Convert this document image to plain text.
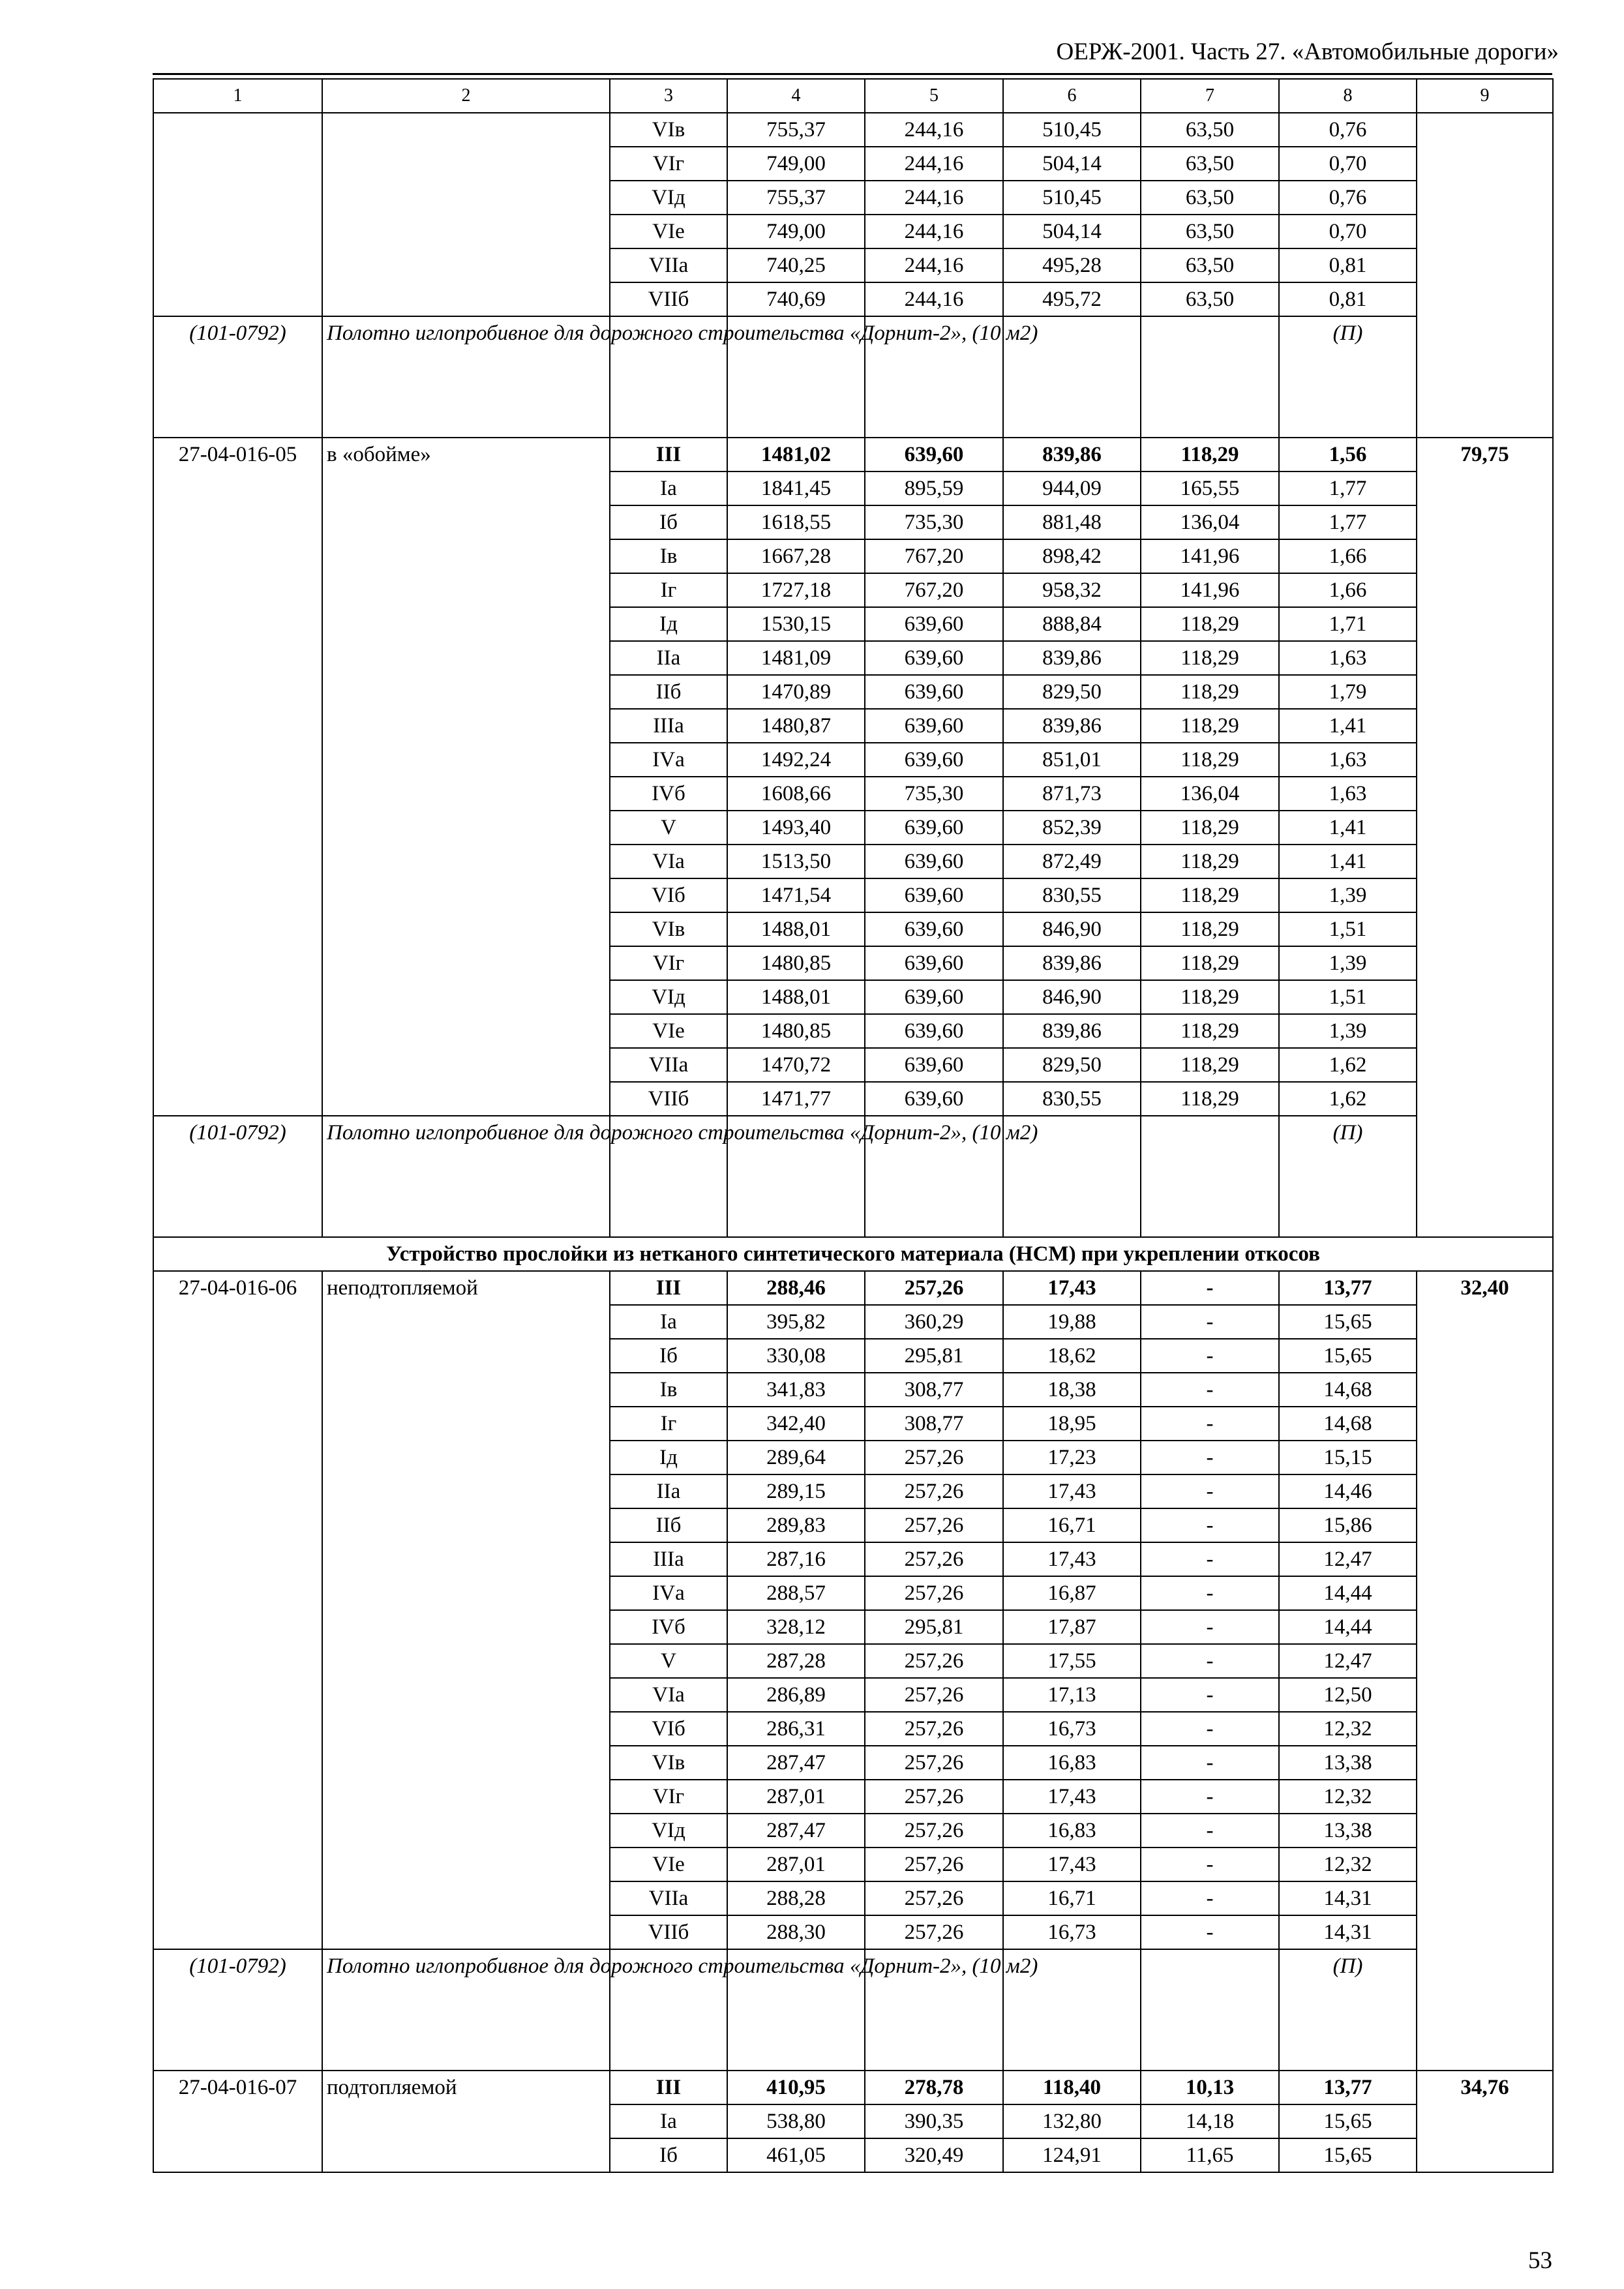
ОЕРЖ-2001. Часть 27. «Автомобильные дороги»
1	2	3	4	5	6	7	8	9
		VIв	755,37	244,16	510,45	63,50	0,76	
		VIг	749,00	244,16	504,14	63,50	0,70	
		VIд	755,37	244,16	510,45	63,50	0,76	
		VIе	749,00	244,16	504,14	63,50	0,70	
		VIIа	740,25	244,16	495,28	63,50	0,81	
		VIIб	740,69	244,16	495,72	63,50	0,81	
(101-0792)	Полотно иглопробивное для дорожного строительства «Дорнит-2», (10 м2)						(П)	
27-04-016-05	в «обойме»	III	1481,02	639,60	839,86	118,29	1,56	79,75
		Iа	1841,45	895,59	944,09	165,55	1,77	
		Iб	1618,55	735,30	881,48	136,04	1,77	
		Iв	1667,28	767,20	898,42	141,96	1,66	
		Iг	1727,18	767,20	958,32	141,96	1,66	
		Iд	1530,15	639,60	888,84	118,29	1,71	
		IIа	1481,09	639,60	839,86	118,29	1,63	
		IIб	1470,89	639,60	829,50	118,29	1,79	
		IIIа	1480,87	639,60	839,86	118,29	1,41	
		IVа	1492,24	639,60	851,01	118,29	1,63	
		IVб	1608,66	735,30	871,73	136,04	1,63	
		V	1493,40	639,60	852,39	118,29	1,41	
		VIа	1513,50	639,60	872,49	118,29	1,41	
		VIб	1471,54	639,60	830,55	118,29	1,39	
		VIв	1488,01	639,60	846,90	118,29	1,51	
		VIг	1480,85	639,60	839,86	118,29	1,39	
		VIд	1488,01	639,60	846,90	118,29	1,51	
		VIе	1480,85	639,60	839,86	118,29	1,39	
		VIIа	1470,72	639,60	829,50	118,29	1,62	
		VIIб	1471,77	639,60	830,55	118,29	1,62	
(101-0792)	Полотно иглопробивное для дорожного строительства «Дорнит-2», (10 м2)						(П)	
Устройство прослойки из нетканого синтетического материала (НСМ) при укреплении откосов								
27-04-016-06	неподтопляемой	III	288,46	257,26	17,43	-	13,77	32,40
		Iа	395,82	360,29	19,88	-	15,65	
		Iб	330,08	295,81	18,62	-	15,65	
		Iв	341,83	308,77	18,38	-	14,68	
		Iг	342,40	308,77	18,95	-	14,68	
		Iд	289,64	257,26	17,23	-	15,15	
		IIа	289,15	257,26	17,43	-	14,46	
		IIб	289,83	257,26	16,71	-	15,86	
		IIIа	287,16	257,26	17,43	-	12,47	
		IVа	288,57	257,26	16,87	-	14,44	
		IVб	328,12	295,81	17,87	-	14,44	
		V	287,28	257,26	17,55	-	12,47	
		VIа	286,89	257,26	17,13	-	12,50	
		VIб	286,31	257,26	16,73	-	12,32	
		VIв	287,47	257,26	16,83	-	13,38	
		VIг	287,01	257,26	17,43	-	12,32	
		VIд	287,47	257,26	16,83	-	13,38	
		VIе	287,01	257,26	17,43	-	12,32	
		VIIа	288,28	257,26	16,71	-	14,31	
		VIIб	288,30	257,26	16,73	-	14,31	
(101-0792)	Полотно иглопробивное для дорожного строительства «Дорнит-2», (10 м2)						(П)	
27-04-016-07	подтопляемой	III	410,95	278,78	118,40	10,13	13,77	34,76
		Iа	538,80	390,35	132,80	14,18	15,65	
		Iб	461,05	320,49	124,91	11,65	15,65	
53
